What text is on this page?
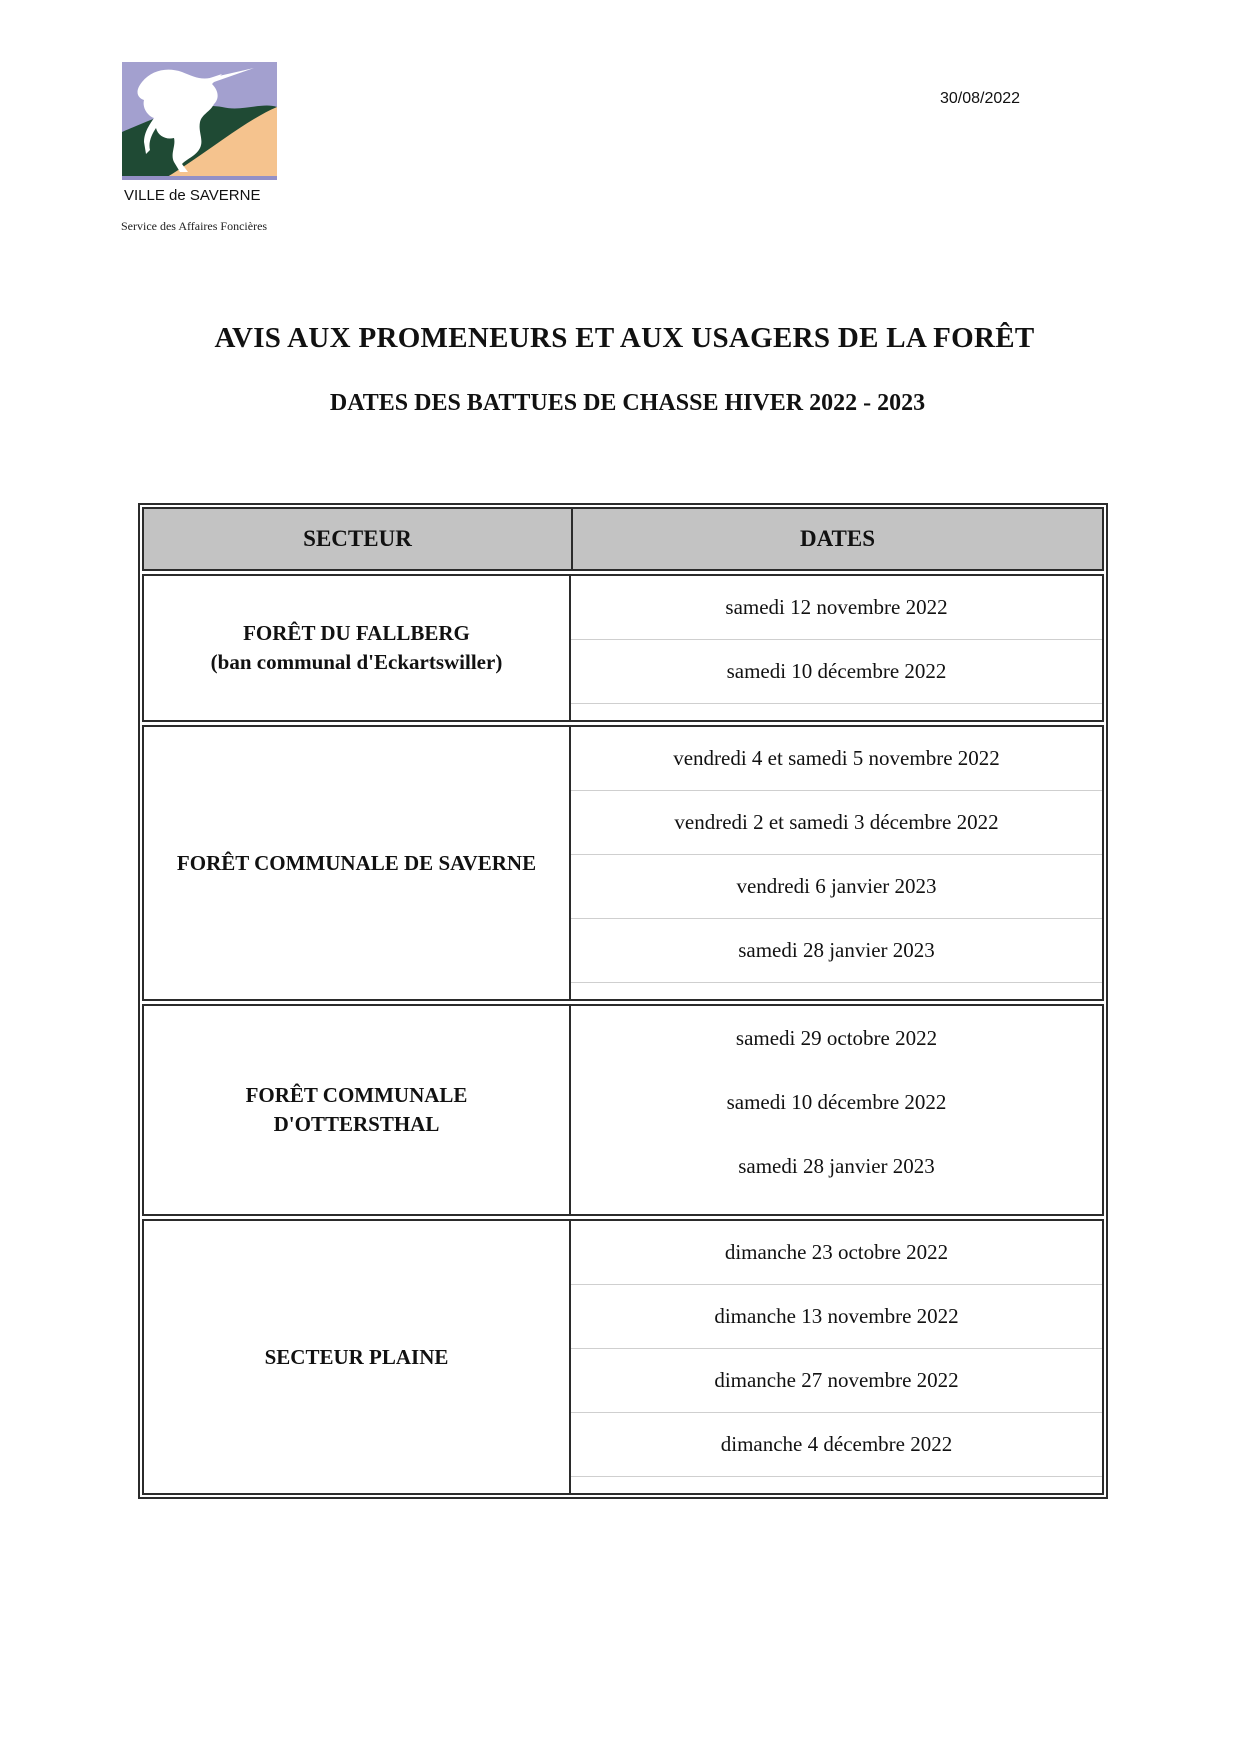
VILLE de SAVERNE
Service des Affaires Foncières
30/08/2022
AVIS AUX PROMENEURS ET AUX USAGERS DE LA FORÊT
DATES DES BATTUES DE CHASSE HIVER 2022 - 2023
SECTEUR	DATES
FORÊT DU FALLBERG
(ban communal d'Eckartswiller)
samedi 12 novembre 2022
samedi 10 décembre 2022
FORÊT COMMUNALE DE SAVERNE
vendredi 4 et samedi 5 novembre 2022
vendredi 2 et samedi 3 décembre 2022
vendredi 6 janvier 2023
samedi 28 janvier 2023
FORÊT COMMUNALE
D'OTTERSTHAL
samedi 29 octobre 2022
samedi 10 décembre 2022
samedi 28 janvier 2023
SECTEUR PLAINE
dimanche 23 octobre 2022
dimanche 13 novembre 2022
dimanche 27 novembre 2022
dimanche 4 décembre 2022
